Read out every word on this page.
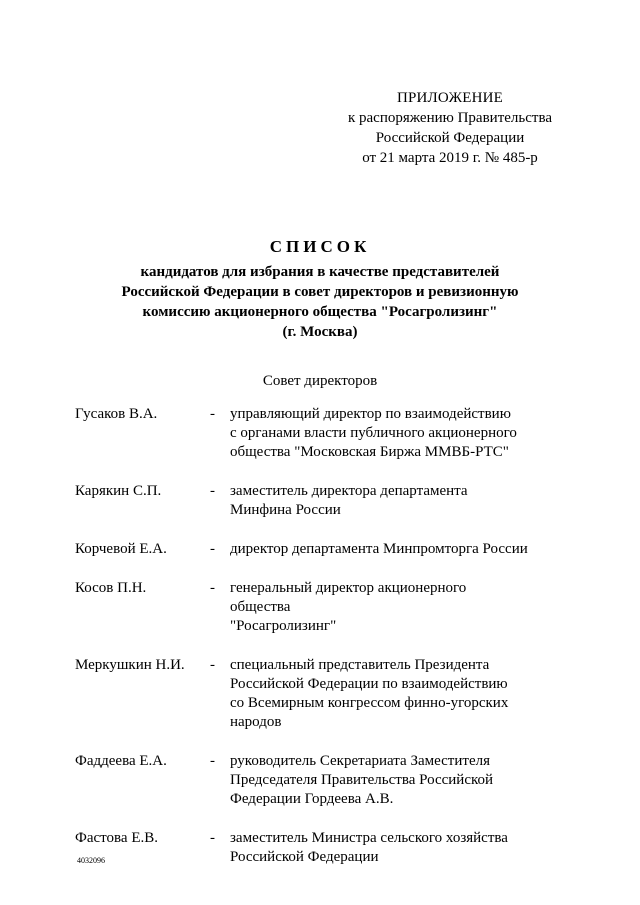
ПРИЛОЖЕНИЕ
к распоряжению Правительства
Российской Федерации
от 21 марта 2019 г. № 485-р
СПИСОК
кандидатов для избрания в качестве представителей
Российской Федерации в совет директоров и ревизионную
комиссию акционерного общества "Росагролизинг"
(г. Москва)
Совет директоров
Гусаков В.А.	-	управляющий директор по взаимодействию
с органами власти публичного акционерного
общества "Московская Биржа ММВБ-РТС"
Карякин С.П.	-	заместитель директора департамента
Минфина России
Корчевой Е.А.	-	директор департамента Минпромторга России
Косов П.Н.	-	генеральный директор акционерного общества
"Росагролизинг"
Меркушкин Н.И.	-	специальный представитель Президента
Российской Федерации по взаимодействию
со Всемирным конгрессом финно-угорских
народов
Фаддеева Е.А.	-	руководитель Секретариата Заместителя
Председателя Правительства Российской
Федерации Гордеева А.В.
Фастова Е.В.	-	заместитель Министра сельского хозяйства
Российской Федерации
4032096
